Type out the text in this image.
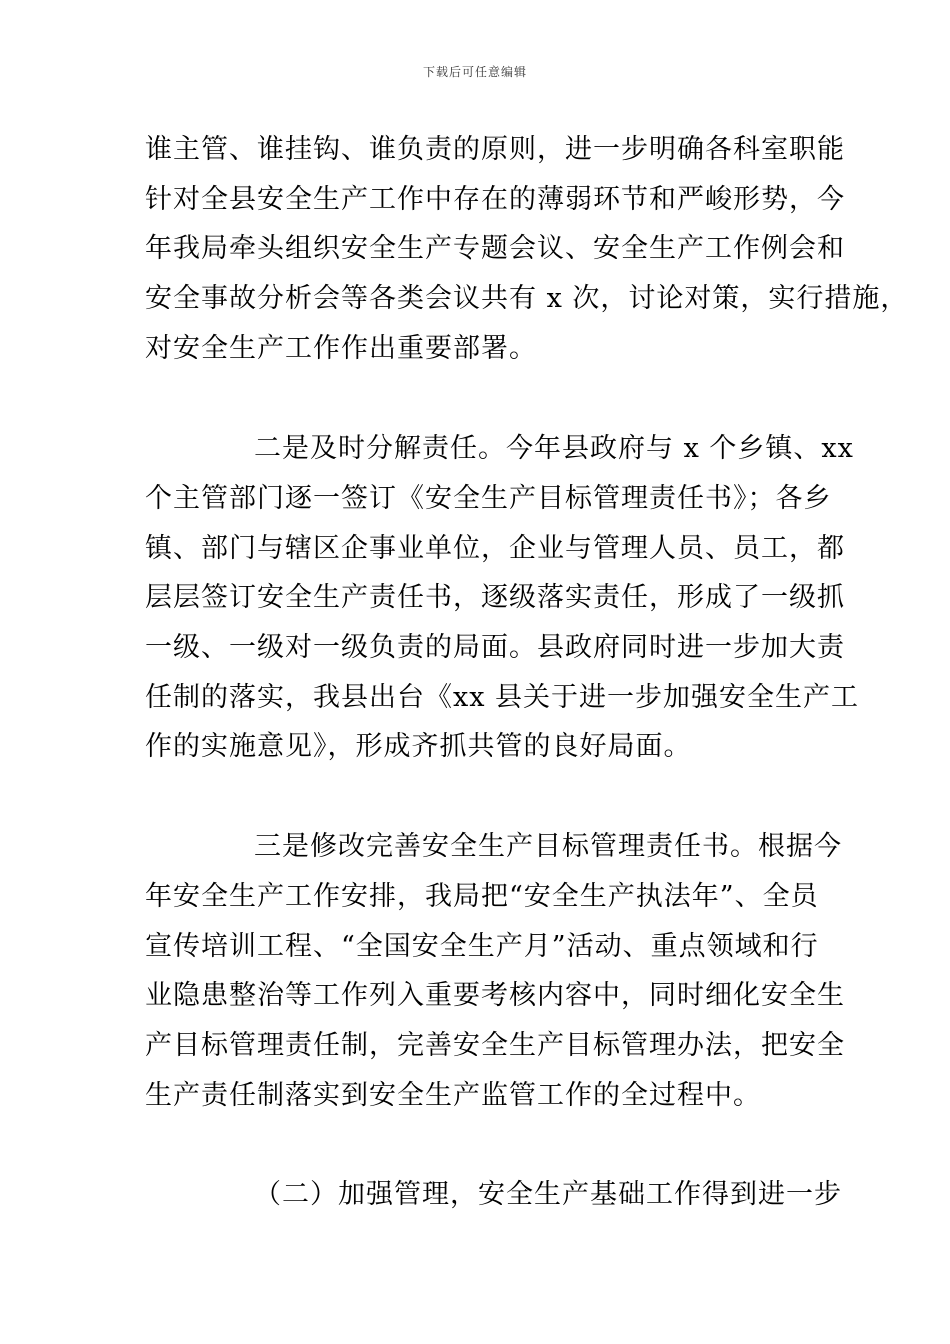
下载后可任意编辑
谁主管、谁挂钩、谁负责的原则，进一步明确各科室职能
针对全县安全生产工作中存在的薄弱环节和严峻形势，今
年我局牵头组织安全生产专题会议、安全生产工作例会和
安全事故分析会等各类会议共有 x 次，讨论对策，实行措施，
对安全生产工作作出重要部署。
二是及时分解责任。今年县政府与 x 个乡镇、xx
个主管部门逐一签订《安全生产目标管理责任书》；各乡
镇、部门与辖区企事业单位，企业与管理人员、员工，都
层层签订安全生产责任书，逐级落实责任，形成了一级抓
一级、一级对一级负责的局面。县政府同时进一步加大责
任制的落实，我县出台《xx 县关于进一步加强安全生产工
作的实施意见》，形成齐抓共管的良好局面。
三是修改完善安全生产目标管理责任书。根据今
年安全生产工作安排，我局把“安全生产执法年”、全员
宣传培训工程、“全国安全生产月”活动、重点领域和行
业隐患整治等工作列入重要考核内容中，同时细化安全生
产目标管理责任制，完善安全生产目标管理办法，把安全
生产责任制落实到安全生产监管工作的全过程中。
（二）加强管理，安全生产基础工作得到进一步
